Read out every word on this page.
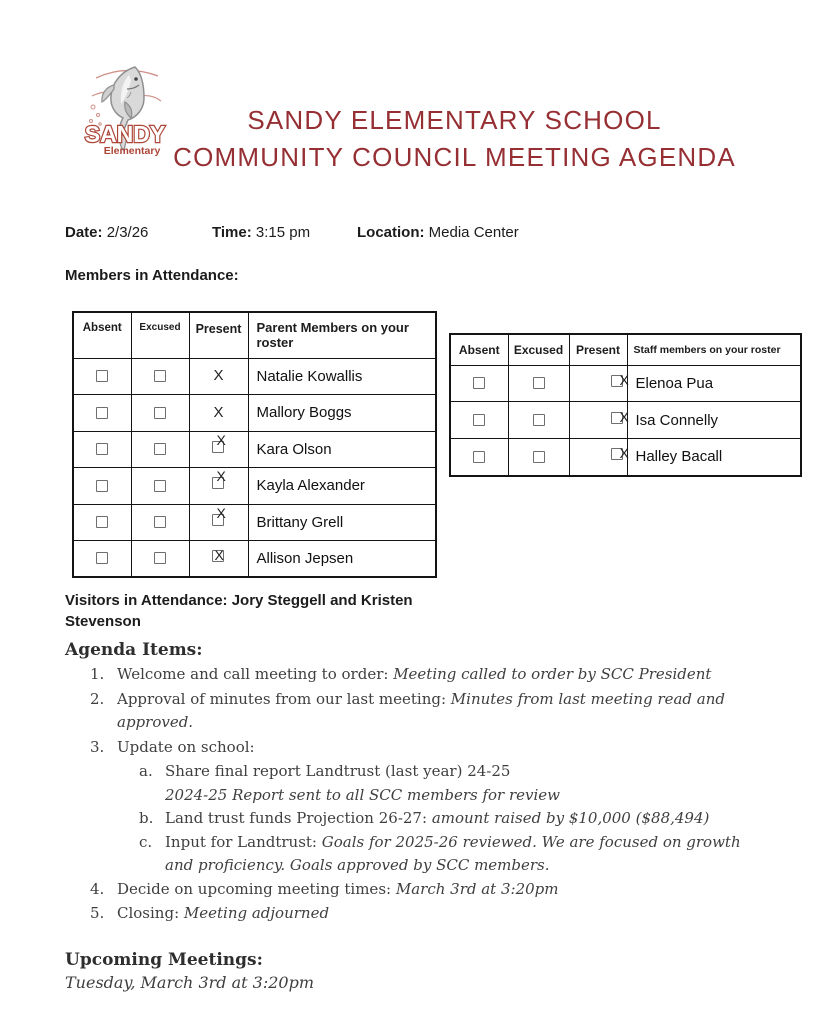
SANDY
Elementary
SANDY ELEMENTARY SCHOOL
COMMUNITY COUNCIL MEETING AGENDA
Date: 2/3/26	Time: 3:15 pm	Location: Media Center
Members in Attendance:
Absent	Excused	Present	Parent Members on your roster
		X	Natalie Kowallis
		X	Mallory Boggs

		X	Kara Olson

		X	Kayla Alexander

		X	Brittany Grell

		X	Allison Jepsen
Absent	Excused	Present	Staff members on your roster

		X	Elenoa Pua

		X	Isa Connelly

		X	Halley Bacall
Visitors in Attendance: Jory Steggell and Kristen
Stevenson
Agenda Items:
1. Welcome and call meeting to order: Meeting called to order by SCC President
2. Approval of minutes from our last meeting: Minutes from last meeting read and approved.
3. Update on school:
a. Share final report Landtrust (last year) 24-25
2024-25 Report sent to all SCC members for review
b. Land trust funds Projection 26-27: amount raised by $10,000 ($88,494)
c. Input for Landtrust: Goals for 2025-26 reviewed. We are focused on growth and proficiency. Goals approved by SCC members.
4. Decide on upcoming meeting times: March 3rd at 3:20pm
5. Closing: Meeting adjourned
Upcoming Meetings:
Tuesday, March 3rd at 3:20pm
